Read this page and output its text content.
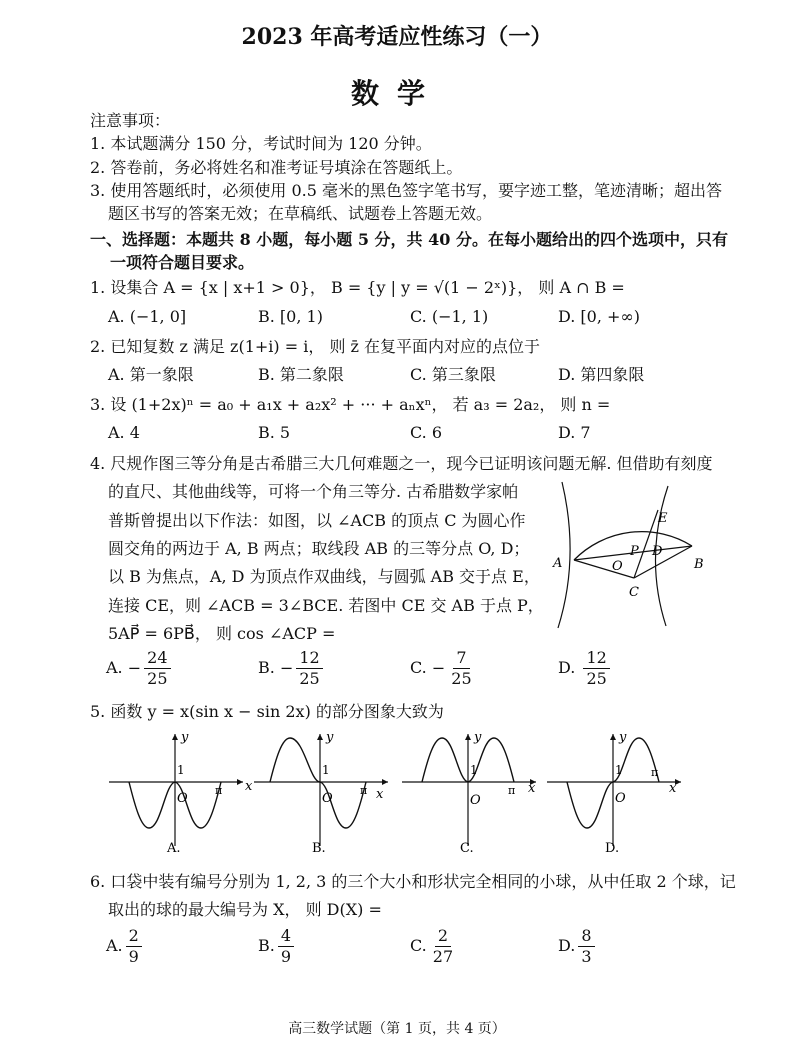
2023 年高考适应性练习（一）
数学
注意事项：
1. 本试题满分 150 分，考试时间为 120 分钟。
2. 答卷前，务必将姓名和准考证号填涂在答题纸上。
3. 使用答题纸时，必须使用 0.5 毫米的黑色签字笔书写，要字迹工整，笔迹清晰；超出答
题区书写的答案无效；在草稿纸、试题卷上答题无效。
一、选择题：本题共 8 小题，每小题 5 分，共 40 分。在每小题给出的四个选项中，只有
一项符合题目要求。
1. 设集合 A = {x | x+1 > 0}， B = {y | y = √(1 − 2ˣ)}， 则 A ∩ B =
A. (−1, 0]	B. [0, 1)	C. (−1, 1)	D. [0, +∞)
2. 已知复数 z 满足 z(1+i) = i， 则 z̄ 在复平面内对应的点位于
A. 第一象限	B. 第二象限	C. 第三象限	D. 第四象限
3. 设 (1+2x)ⁿ = a₀ + a₁x + a₂x² + ··· + aₙxⁿ， 若 a₃ = 2a₂， 则 n =
A. 4	B. 5	C. 6	D. 7
4. 尺规作图三等分角是古希腊三大几何难题之一，现今已证明该问题无解. 但借助有刻度
的直尺、其他曲线等，可将一个角三等分. 古希腊数学家帕
普斯曾提出以下作法：如图，以 ∠ACB 的顶点 C 为圆心作
圆交角的两边于 A, B 两点；取线段 AB 的三等分点 O, D；
以 B 为焦点，A, D 为顶点作双曲线，与圆弧 AB 交于点 E，
连接 CE，则 ∠ACB = 3∠BCE. 若图中 CE 交 AB 于点 P，
5AP⃗ = 6PB⃗， 则 cos ∠ACP =
A	B
C
O
D
P
E
A. − $\frac{24}{25}$	B. − $\frac{12}{25}$	C. − $\frac{7}{25}$	D. $\frac{12}{25}$
5. 函数 y = x(sin x − sin 2x) 的部分图象大致为
y
x
1
O
π
A.
y
x
1
O
π
B.
y
x
1
O
π
C.
y
x
1
O
π
D.
6. 口袋中装有编号分别为 1, 2, 3 的三个大小和形状完全相同的小球，从中任取 2 个球，记
取出的球的最大编号为 X， 则 D(X) =
A. $\frac{2}{9}$	B. $\frac{4}{9}$	C. $\frac{2}{27}$	D. $\frac{8}{3}$
高三数学试题（第 1 页，共 4 页）
